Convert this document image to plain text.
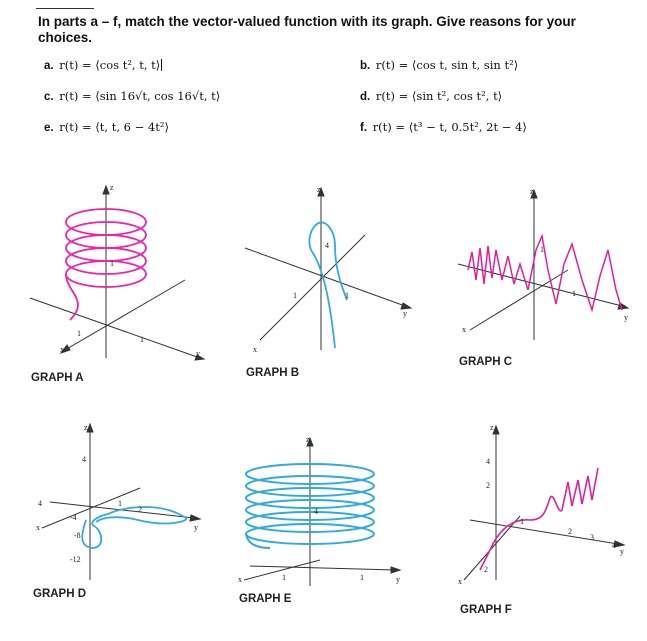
In parts a – f, match the vector-valued function with its graph. Give reasons for your choices.
a. r(t) = ⟨cos t², t, t⟩	b. r(t) = ⟨cos t, sin t, sin t²⟩
c. r(t) = ⟨sin 16√t, cos 16√t, t⟩	d. r(t) = ⟨sin t², cos t², t⟩
e. r(t) = ⟨t, t, 6 − 4t²⟩	f. r(t) = ⟨t³ − t, 0.5t², 2t − 4⟩
z
y
x
1
1
1
GRAPH A
z
y
x
4
1	1
GRAPH B
z
y
x
1
1
GRAPH C
z
y
x
4
-4
-8
-12
4	1
2
GRAPH D
z
y
x
4
1	1
GRAPH E
z
y
x
4
2
1
2
3
4
2
GRAPH F
